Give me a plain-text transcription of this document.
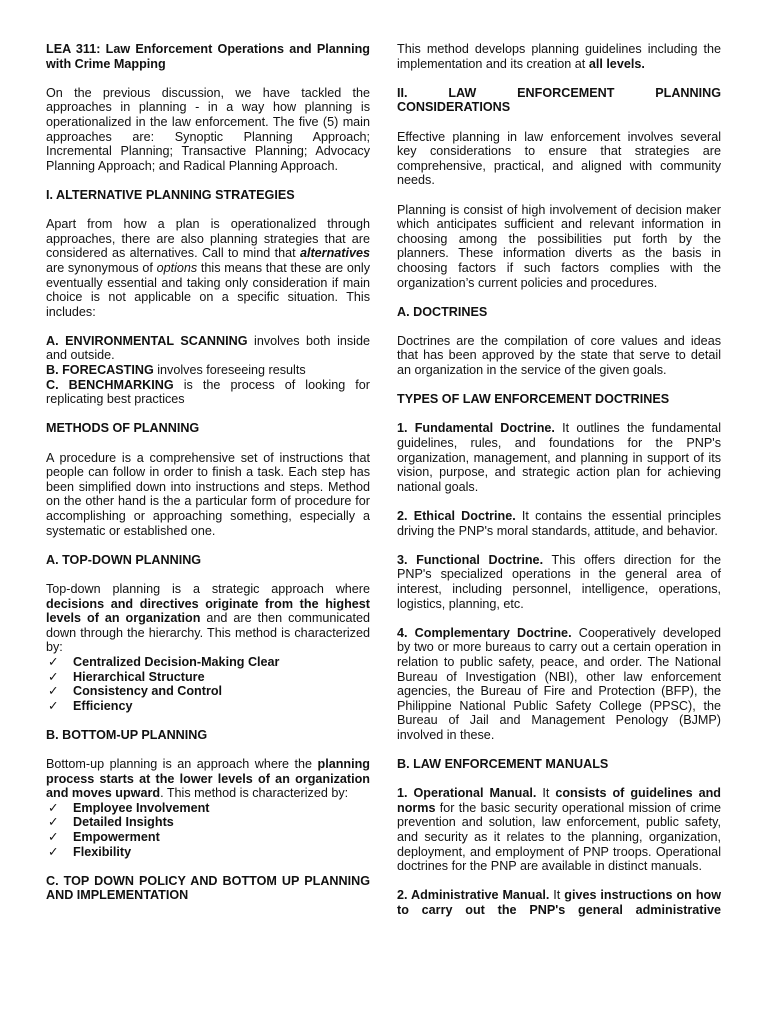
LEA 311: Law Enforcement Operations and Planning with Crime Mapping

On the previous discussion, we have tackled the approaches in planning - in a way how planning is operationalized in the law enforcement. The five (5) main approaches are: Synoptic Planning Approach; Incremental Planning; Transactive Planning; Advocacy Planning Approach; and Radical Planning Approach.

I. ALTERNATIVE PLANNING STRATEGIES

Apart from how a plan is operationalized through approaches, there are also planning strategies that are considered as alternatives. Call to mind that alternatives are synonymous of options this means that these are only eventually essential and taking only consideration if main choice is not applicable on a specific situation. This includes:

A. ENVIRONMENTAL SCANNING involves both inside and outside.

B. FORECASTING involves foreseeing results

C. BENCHMARKING is the process of looking for replicating best practices

METHODS OF PLANNING

A procedure is a comprehensive set of instructions that people can follow in order to finish a task. Each step has been simplified down into instructions and steps. Method on the other hand is the a particular form of procedure for accomplishing or approaching something, especially a systematic or established one.

A. TOP-DOWN PLANNING

Top-down planning is a strategic approach where decisions and directives originate from the highest levels of an organization and are then communicated down through the hierarchy. This method is characterized by:

✓ Centralized Decision-Making Clear
✓ Hierarchical Structure
✓ Consistency and Control
✓ Efficiency

B. BOTTOM-UP PLANNING

Bottom-up planning is an approach where the planning process starts at the lower levels of an organization and moves upward. This method is characterized by:

✓ Employee Involvement
✓ Detailed Insights
✓ Empowerment
✓ Flexibility

C. TOP DOWN POLICY AND BOTTOM UP PLANNING AND IMPLEMENTATION

This method develops planning guidelines including the implementation and its creation at all levels.

II. LAW ENFORCEMENT PLANNING CONSIDERATIONS

Effective planning in law enforcement involves several key considerations to ensure that strategies are comprehensive, practical, and aligned with community needs.

Planning is consist of high involvement of decision maker which anticipates sufficient and relevant information in choosing among the possibilities put forth by the planners. These information diverts as the basis in choosing factors if such factors complies with the organization’s current policies and procedures.

A. DOCTRINES

Doctrines are the compilation of core values and ideas that has been approved by the state that serve to detail an organization in the service of the given goals.

TYPES OF LAW ENFORCEMENT DOCTRINES

1. Fundamental Doctrine. It outlines the fundamental guidelines, rules, and foundations for the PNP's organization, management, and planning in support of its vision, purpose, and strategic action plan for achieving national goals.

2. Ethical Doctrine. It contains the essential principles driving the PNP's moral standards, attitude, and behavior.

3. Functional Doctrine. This offers direction for the PNP's specialized operations in the general area of interest, including personnel, intelligence, operations, logistics, planning, etc.

4. Complementary Doctrine. Cooperatively developed by two or more bureaus to carry out a certain operation in relation to public safety, peace, and order. The National Bureau of Investigation (NBI), other law enforcement agencies, the Bureau of Fire and Protection (BFP), the Philippine National Public Safety College (PPSC), the Bureau of Jail and Management Penology (BJMP) involved in these.

B. LAW ENFORCEMENT MANUALS

1. Operational Manual. It consists of guidelines and norms for the basic security operational mission of crime prevention and solution, law enforcement, public safety, and security as it relates to the planning, organization, deployment, and employment of PNP troops. Operational doctrines for the PNP are available in distinct manuals.

2. Administrative Manual. It gives instructions on how to carry out the PNP's general administrative
